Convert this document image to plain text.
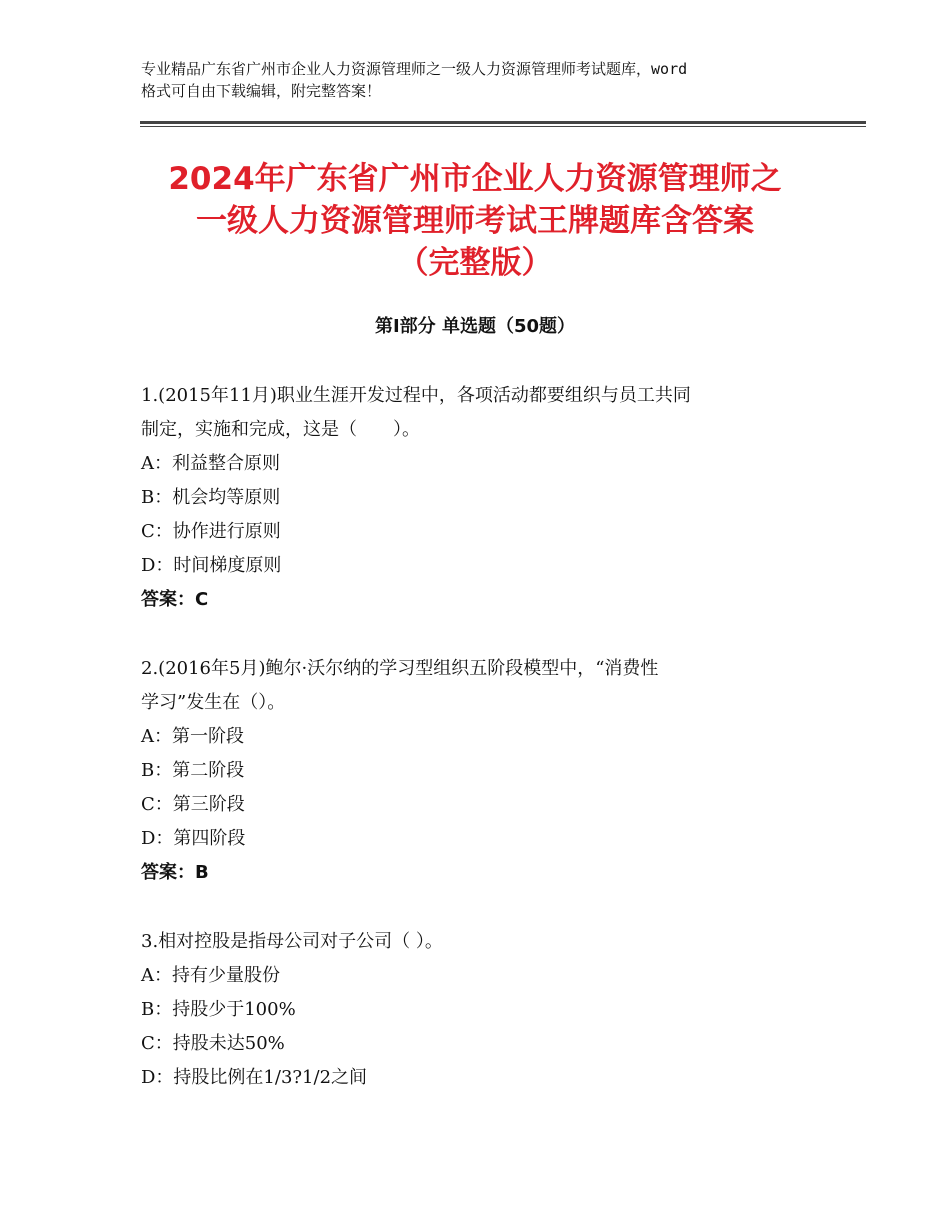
专业精品广东省广州市企业人力资源管理师之一级人力资源管理师考试题库，word
格式可自由下载编辑，附完整答案！
2024年广东省广州市企业人力资源管理师之
一级人力资源管理师考试王牌题库含答案
（完整版）
第Ⅰ部分 单选题（50题）

1.(2015年11月)职业生涯开发过程中，各项活动都要组织与员工共同

制定，实施和完成，这是（　　）。

A：利益整合原则

B：机会均等原则

C：协作进行原则

D：时间梯度原则

答案：C

2.(2016年5月)鲍尔·沃尔纳的学习型组织五阶段模型中，“消费性

学习”发生在（）。

A：第一阶段

B：第二阶段

C：第三阶段

D：第四阶段

答案：B

3.相对控股是指母公司对子公司（ ）。

A：持有少量股份

B：持股少于100%

C：持股未达50%

D：持股比例在1/3?1/2之间
